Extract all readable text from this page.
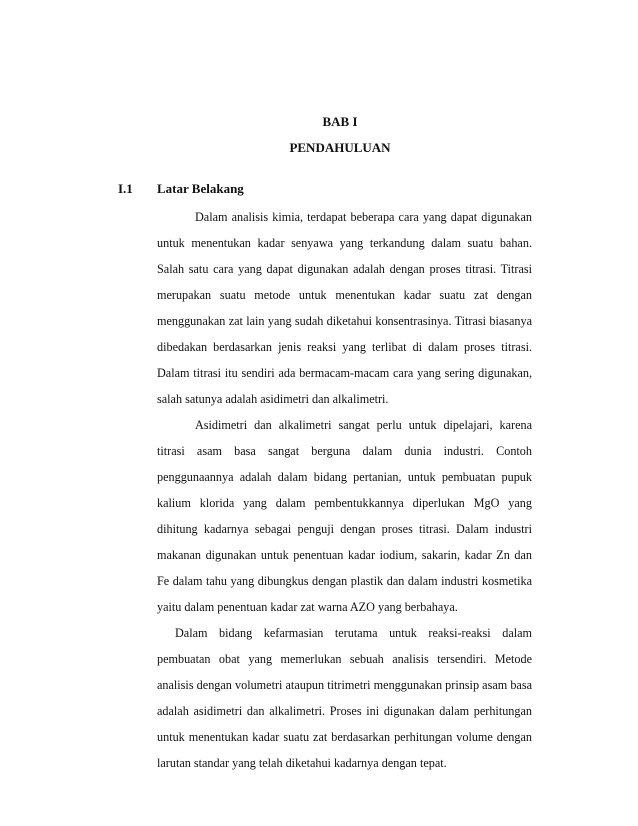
BAB I
PENDAHULUAN
I.1 Latar Belakang

Dalam analisis kimia, terdapat beberapa cara yang dapat digunakan untuk menentukan kadar senyawa yang terkandung dalam suatu bahan. Salah satu cara yang dapat digunakan adalah dengan proses titrasi. Titrasi merupakan suatu metode untuk menentukan kadar suatu zat dengan menggunakan zat lain yang sudah diketahui konsentrasinya. Titrasi biasanya dibedakan berdasarkan jenis reaksi yang terlibat di dalam proses titrasi. Dalam titrasi itu sendiri ada bermacam-macam cara yang sering digunakan, salah satunya adalah asidimetri dan alkalimetri.

Asidimetri dan alkalimetri sangat perlu untuk dipelajari, karena titrasi asam basa sangat berguna dalam dunia industri. Contoh penggunaannya adalah dalam bidang pertanian, untuk pembuatan pupuk kalium klorida yang dalam pembentukkannya diperlukan MgO yang dihitung kadarnya sebagai penguji dengan proses titrasi. Dalam industri makanan digunakan untuk penentuan kadar iodium, sakarin, kadar Zn dan Fe dalam tahu yang dibungkus dengan plastik dan dalam industri kosmetika yaitu dalam penentuan kadar zat warna AZO yang berbahaya.

Dalam bidang kefarmasian terutama untuk reaksi-reaksi dalam pembuatan obat yang memerlukan sebuah analisis tersendiri. Metode analisis dengan volumetri ataupun titrimetri menggunakan prinsip asam basa adalah asidimetri dan alkalimetri. Proses ini digunakan dalam perhitungan untuk menentukan kadar suatu zat berdasarkan perhitungan volume dengan larutan standar yang telah diketahui kadarnya dengan tepat.
